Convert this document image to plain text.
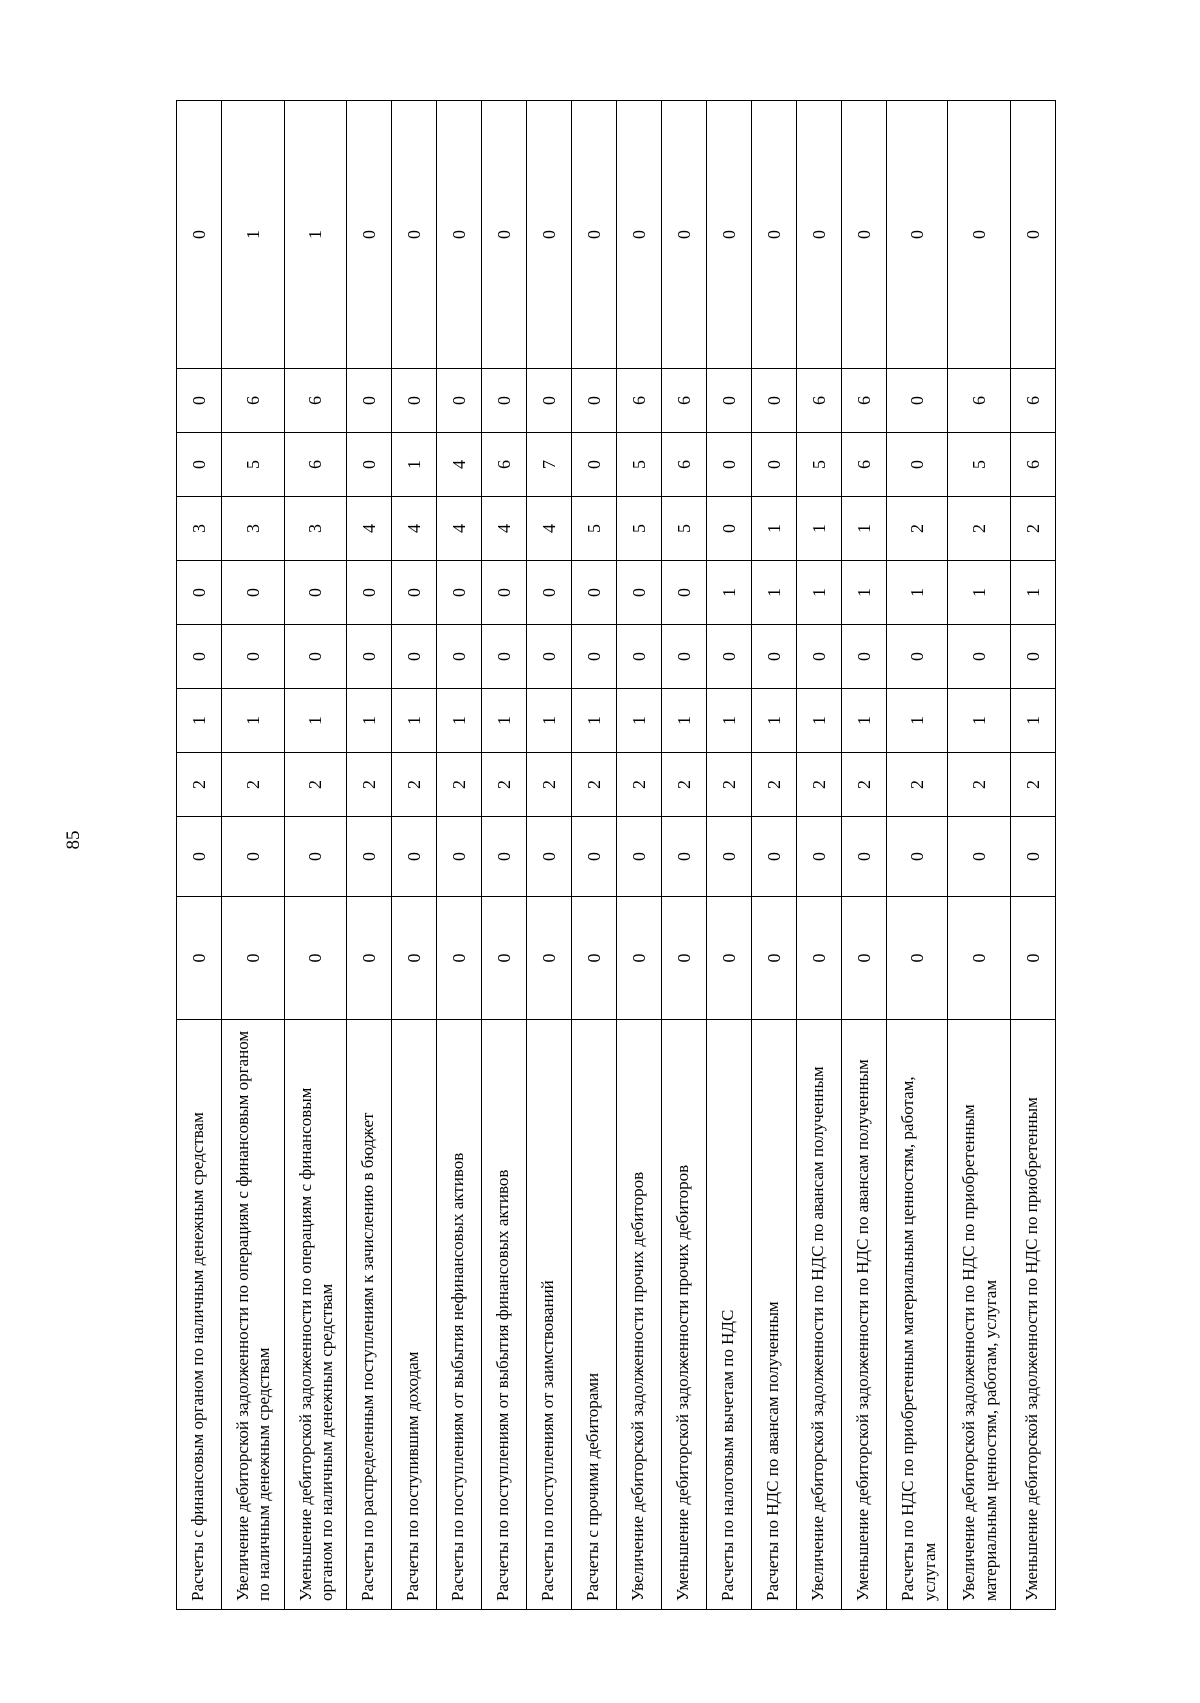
85
Расчеты с финансовым органом по наличным денежным средствам	0	0	2	1	0	0	3	0	0	0
Увеличение дебиторской задолженности по операциям с финансовым органом по наличным денежным средствам	0	0	2	1	0	0	3	5	6	1
Уменьшение дебиторской задолженности по операциям с финансовым органом по наличным денежным средствам	0	0	2	1	0	0	3	6	6	1
Расчеты по распределенным поступлениям к зачислению в бюджет	0	0	2	1	0	0	4	0	0	0
Расчеты по поступившим доходам	0	0	2	1	0	0	4	1	0	0
Расчеты по поступлениям от выбытия нефинансовых активов	0	0	2	1	0	0	4	4	0	0
Расчеты по поступлениям от выбытия финансовых активов	0	0	2	1	0	0	4	6	0	0
Расчеты по поступлениям от заимствований	0	0	2	1	0	0	4	7	0	0
Расчеты с прочими дебиторами	0	0	2	1	0	0	5	0	0	0
Увеличение дебиторской задолженности прочих дебиторов	0	0	2	1	0	0	5	5	6	0
Уменьшение дебиторской задолженности прочих дебиторов	0	0	2	1	0	0	5	6	6	0
Расчеты по налоговым вычетам по НДС	0	0	2	1	0	1	0	0	0	0
Расчеты по НДС по авансам полученным	0	0	2	1	0	1	1	0	0	0
Увеличение дебиторской задолженности по НДС по авансам полученным	0	0	2	1	0	1	1	5	6	0
Уменьшение дебиторской задолженности по НДС по авансам полученным	0	0	2	1	0	1	1	6	6	0
Расчеты по НДС по приобретенным материальным ценностям, работам, услугам	0	0	2	1	0	1	2	0	0	0
Увеличение дебиторской задолженности по НДС по приобретенным материальным ценностям, работам, услугам	0	0	2	1	0	1	2	5	6	0
Уменьшение дебиторской задолженности по НДС по приобретенным	0	0	2	1	0	1	2	6	6	0
